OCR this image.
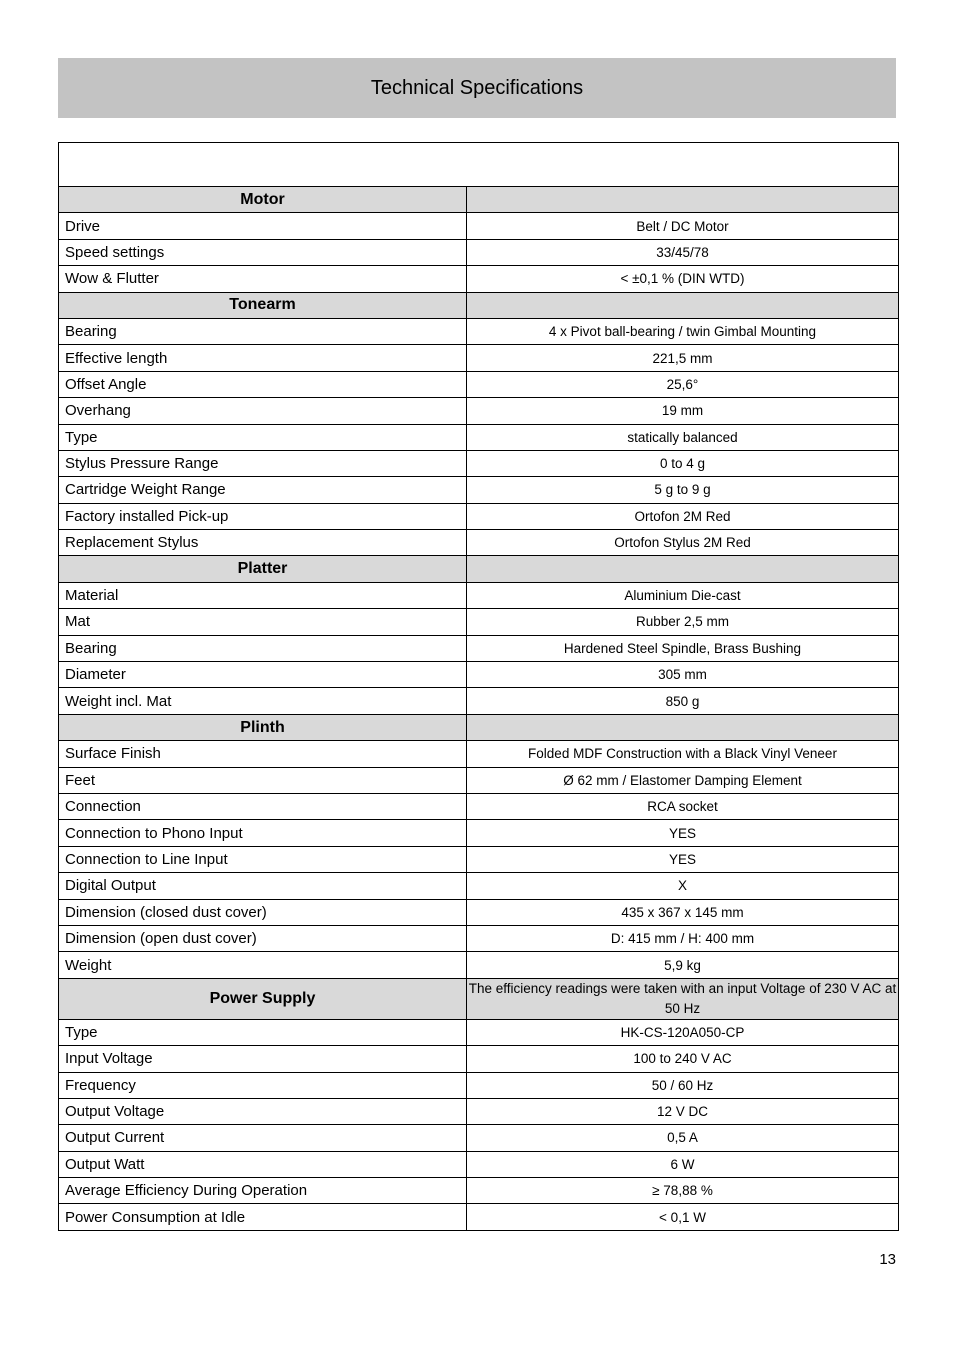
Technical Specifications

Motor	
Drive	Belt / DC Motor
Speed settings	33/45/78
Wow & Flutter	< ±0,1 % (DIN WTD)
Tonearm	
Bearing	4 x Pivot ball-bearing / twin Gimbal Mounting
Effective length	221,5 mm
Offset Angle	25,6°
Overhang	19 mm
Type	statically balanced
Stylus Pressure Range	0 to 4 g
Cartridge Weight Range	5 g to 9 g
Factory installed Pick-up	Ortofon 2M Red
Replacement Stylus	Ortofon Stylus 2M Red
Platter	
Material	Aluminium Die-cast
Mat	Rubber 2,5 mm
Bearing	Hardened Steel Spindle, Brass Bushing
Diameter	305 mm
Weight incl. Mat	850 g
Plinth	
Surface Finish	Folded MDF Construction with a Black Vinyl Veneer
Feet	Ø 62 mm / Elastomer Damping Element
Connection	RCA socket
Connection to Phono Input	YES
Connection to Line Input	YES
Digital Output	X
Dimension (closed dust cover)	435 x 367 x 145 mm
Dimension (open dust cover)	D: 415 mm / H: 400 mm
Weight	5,9 kg
Power Supply	The efficiency readings were taken with an input Voltage of 230 V AC at 50 Hz
Type	HK-CS-120A050-CP
Input Voltage	100 to 240 V AC
Frequency	50 / 60 Hz
Output Voltage	12 V DC
Output Current	0,5 A
Output Watt	6 W
Average Efficiency During Operation	≥ 78,88 %
Power Consumption at Idle	< 0,1 W
13
